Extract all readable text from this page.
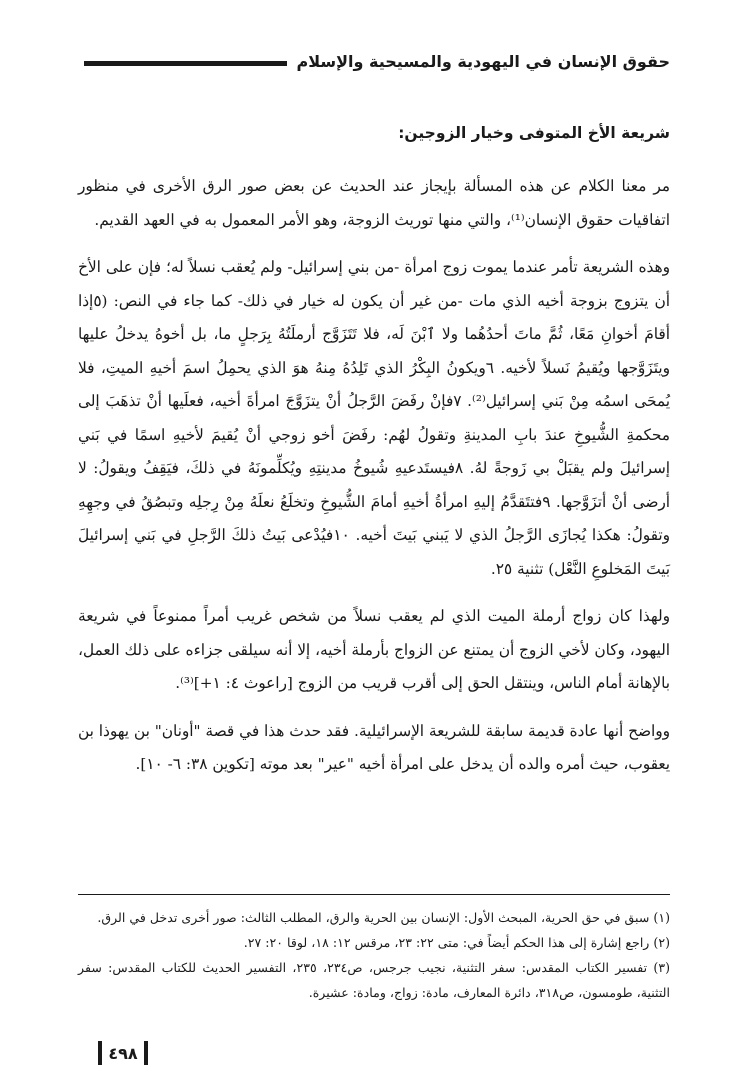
حقوق الإنسان في اليهودية والمسيحية والإسلام
شريعة الأخ المتوفى وخيار الزوجين:

مر معنا الكلام عن هذه المسألة بإيجاز عند الحديث عن بعض صور الرق الأخرى في منظور اتفاقيات حقوق الإنسان⁽¹⁾، والتي منها توريث الزوجة، وهو الأمر المعمول به في العهد القديم.

وهذه الشريعة تأمر عندما يموت زوج امرأة -من بني إسرائيل- ولم يُعقب نسلاً له؛ فإن على الأخ أن يتزوج بزوجة أخيه الذي مات -من غير أن يكون له خيار في ذلك- كما جاء في النص: (٥إذا أقامَ أخوانِ مَعًا، ثُمَّ ماتَ أحدُهُما ولا ٱبْنَ لَه، فلا تَتَزَوَّج أرملَتُهُ بِرَجلٍ ما، بل أخوهُ يدخلُ عليها ويتَزَوَّجها ويُقيمُ نَسلاً لأخيه. ٦ويكونُ البِكْرُ الذي تَلِدُهُ مِنهُ هوَ الذي يحمِلُ اسمَ أخيهِ الميتِ، فلا يُمحَى اسمُه مِنْ بَني إسرائيل⁽²⁾. ٧فإنْ رفَضَ الرَّجلُ أنْ يتزَوَّجَ امرأةَ أخيه، فعلَيها أنْ تذهَبَ إلى محكمةِ الشُّيوخِ عندَ بابِ المدينةِ وتقولُ لهُم: رفَضَ أخو زوجي أنْ يُقيمَ لأخيهِ اسمًا في بَني إسرائيلَ ولم يقبَلْ بي زَوجةً لهُ. ٨فيستَدعيهِ شُيوخُ مدينتِهِ ويُكلِّمونَهُ في ذلكَ، فيَقِفُ ويقولُ: لا أرضى أنْ أتزَوَّجها. ٩فتتَقدَّمُ إليهِ امرأةُ أخيهِ أمامَ الشُّيوخِ وتخلَعُ نعلَهُ مِنْ رِجلِه وتبصُقُ في وجهِهِ وتقولُ: هكذا يُجازَى الرَّجلُ الذي لا يَبني بَيتَ أخيه. ١٠فيُدْعى بَيتُ ذلكَ الرَّجلِ في بَني إسرائيلَ بَيتَ المَخلوعِ النَّعْل) تثنية ٢٥.

ولهذا كان زواج أرملة الميت الذي لم يعقب نسلاً من شخص غريب أمراً ممنوعاً في شريعة اليهود، وكان لأخي الزوج أن يمتنع عن الزواج بأرملة أخيه، إلا أنه سيلقى جزاءه على ذلك العمل، بالإهانة أمام الناس، وينتقل الحق إلى أقرب قريب من الزوج [راعوث ٤: ١+]⁽³⁾.

وواضح أنها عادة قديمة سابقة للشريعة الإسرائيلية. فقد حدث هذا في قصة "أونان" بن يهوذا بن يعقوب، حيث أمره والده أن يدخل على امرأة أخيه "عير" بعد موته [تكوين ٣٨: ٦- ١٠].

(١) سبق في حق الحرية، المبحث الأول: الإنسان بين الحرية والرق، المطلب الثالث: صور أخرى تدخل في الرق.

(٢) راجع إشارة إلى هذا الحكم أيضاً في: متى ٢٢: ٢٣، مرقس ١٢: ١٨، لوقا ٢٠: ٢٧.

(٣) تفسير الكتاب المقدس: سفر التثنية، نجيب جرجس، ص٢٣٤، ٢٣٥، التفسير الحديث للكتاب المقدس: سفر التثنية، طومسون، ص٣١٨، دائرة المعارف، مادة: زواج، ومادة: عشيرة.

٤٩٨
